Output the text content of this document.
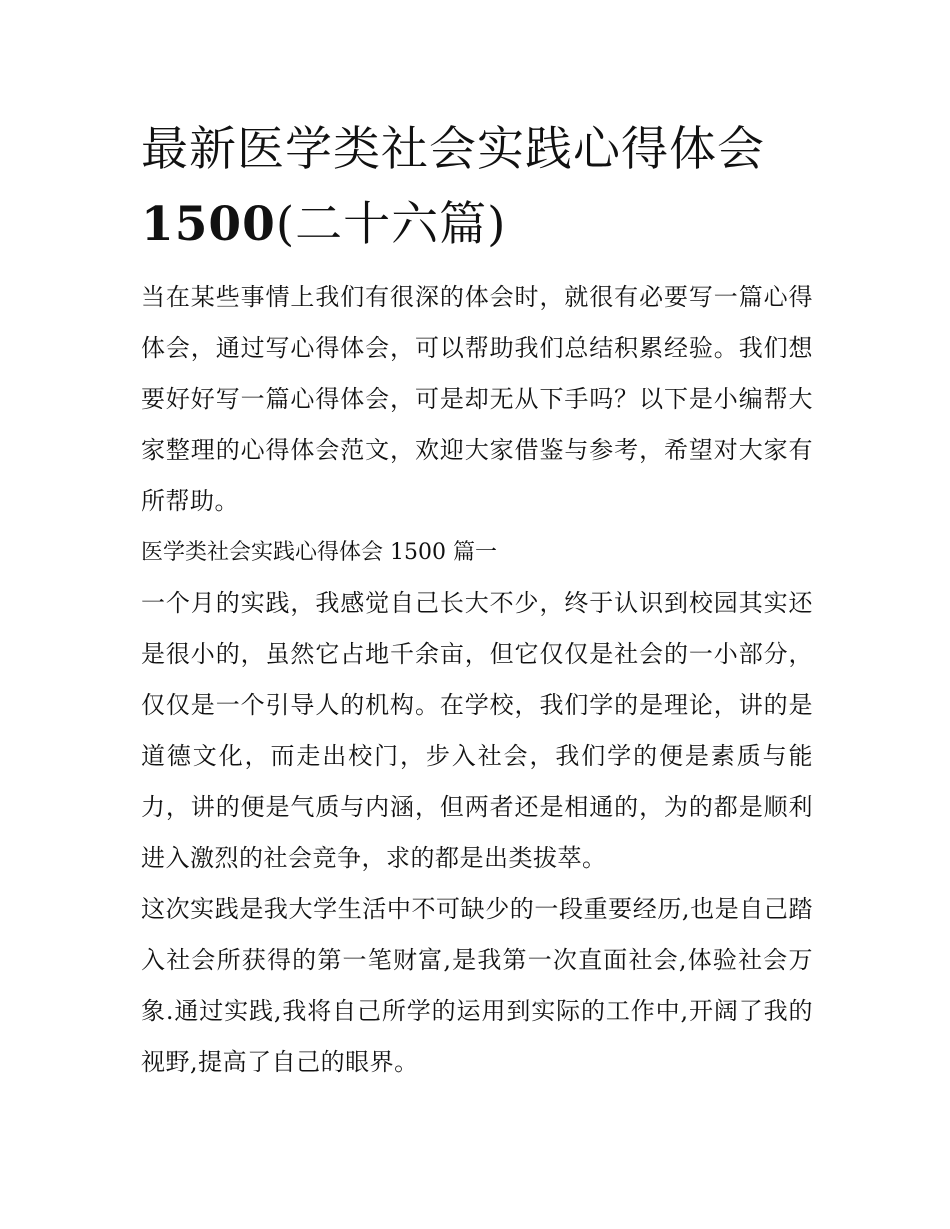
最新医学类社会实践心得体会
1500(二十六篇)

当在某些事情上我们有很深的体会时，就很有必要写一篇心得体会，通过写心得体会，可以帮助我们总结积累经验。我们想要好好写一篇心得体会，可是却无从下手吗？以下是小编帮大家整理的心得体会范文，欢迎大家借鉴与参考，希望对大家有所帮助。

医学类社会实践心得体会 1500 篇一

一个月的实践，我感觉自己长大不少，终于认识到校园其实还是很小的，虽然它占地千余亩，但它仅仅是社会的一小部分，仅仅是一个引导人的机构。在学校，我们学的是理论，讲的是道德文化，而走出校门，步入社会，我们学的便是素质与能力，讲的便是气质与内涵，但两者还是相通的，为的都是顺利进入激烈的社会竞争，求的都是出类拔萃。

这次实践是我大学生活中不可缺少的一段重要经历,也是自己踏入社会所获得的第一笔财富,是我第一次直面社会,体验社会万象.通过实践,我将自己所学的运用到实际的工作中,开阔了我的视野,提高了自己的眼界。
